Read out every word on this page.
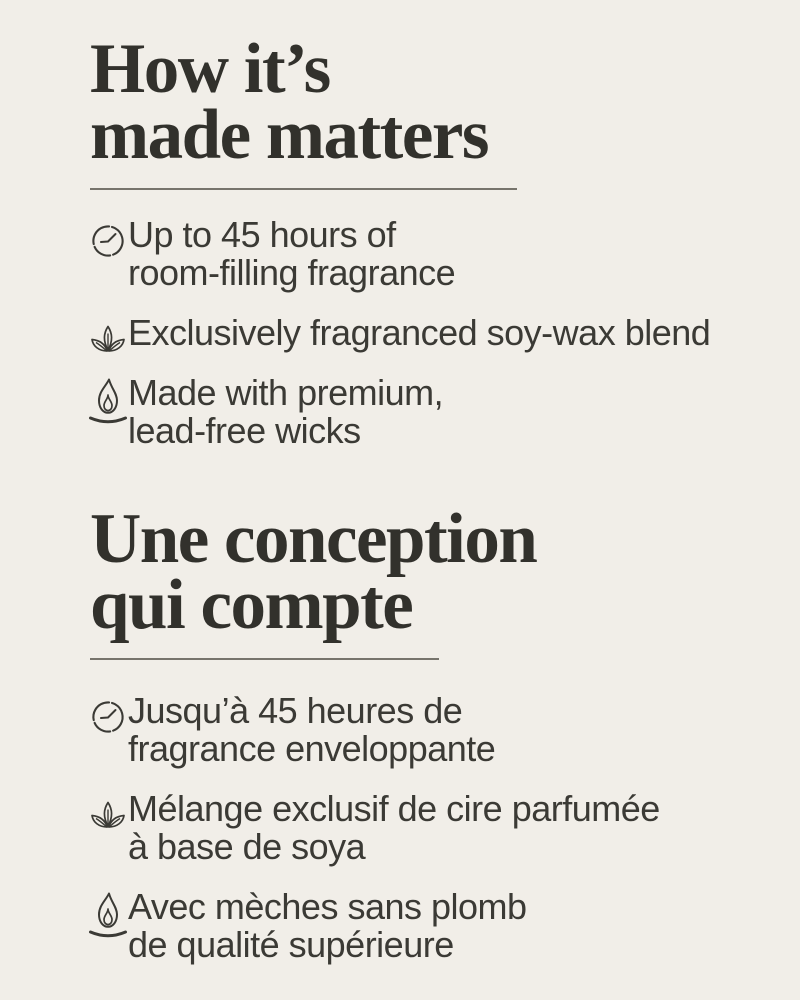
How it’s
made matters

Up to 45 hours of
room-filling fragrance

Exclusively fragranced soy-wax blend

Made with premium,
lead-free wicks

Une conception
qui compte

Jusqu’à 45 heures de
fragrance enveloppante

Mélange exclusif de cire parfumée
à base de soya

Avec mèches sans plomb
de qualité supérieure
